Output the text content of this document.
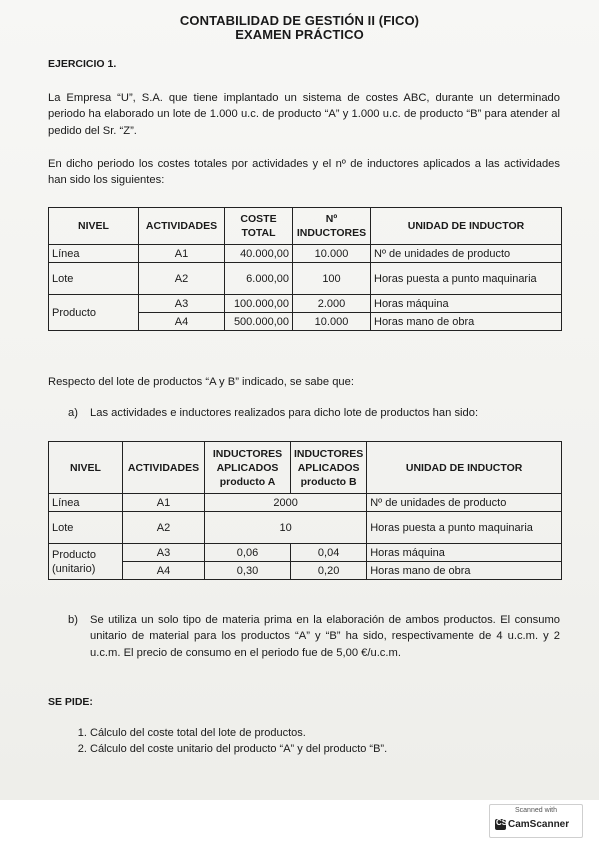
CONTABILIDAD DE GESTIÓN II (FICO)
EXAMEN PRÁCTICO
EJERCICIO 1.
La Empresa “U”, S.A. que tiene implantado un sistema de costes ABC, durante un determinado periodo ha elaborado un lote de 1.000 u.c. de producto “A” y 1.000 u.c. de producto “B” para atender al pedido del Sr. “Z”.
En dicho periodo los costes totales por actividades y el nº de inductores aplicados a las actividades han sido los siguientes:
NIVEL	ACTIVIDADES	COSTE TOTAL	Nº INDUCTORES	UNIDAD DE INDUCTOR
Línea	A1	40.000,00	10.000	Nº de unidades de producto
Lote	A2	6.000,00	100	Horas puesta a punto maquinaria
Producto	A3	100.000,00	2.000	Horas máquina
	A4	500.000,00	10.000	Horas mano de obra
Respecto del lote de productos “A y B” indicado, se sabe que:
a) Las actividades e inductores realizados para dicho lote de productos han sido:
NIVEL	ACTIVIDADES	INDUCTORES APLICADOS producto A	INDUCTORES APLICADOS producto B	UNIDAD DE INDUCTOR
Línea	A1	2000		Nº de unidades de producto
Lote	A2	10		Horas puesta a punto maquinaria
Producto (unitario)	A3	0,06	0,04	Horas máquina
	A4	0,30	0,20	Horas mano de obra
b) Se utiliza un solo tipo de materia prima en la elaboración de ambos productos. El consumo unitario de material para los productos “A” y “B” ha sido, respectivamente de 4 u.c.m. y 2 u.c.m. El precio de consumo en el periodo fue de 5,00 €/u.c.m.
SE PIDE:
1. Cálculo del coste total del lote de productos.
2. Cálculo del coste unitario del producto “A” y del producto “B”.
Scanned with
CS CamScanner
